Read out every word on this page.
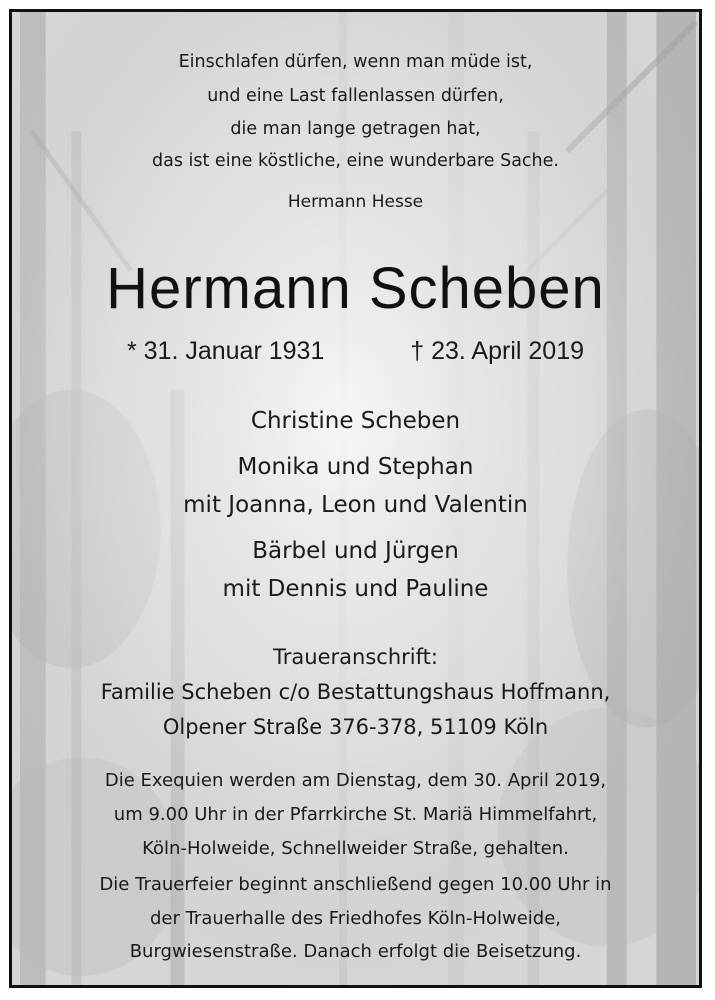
Einschlafen dürfen, wenn man müde ist,
und eine Last fallenlassen dürfen,
die man lange getragen hat,
das ist eine köstliche, eine wunderbare Sache.
Hermann Hesse
Hermann Scheben
* 31. Januar 1931	† 23. April 2019
Christine Scheben
Monika und Stephan
mit Joanna, Leon und Valentin
Bärbel und Jürgen
mit Dennis und Pauline
Traueranschrift:
Familie Scheben c/o Bestattungshaus Hoffmann,
Olpener Straße 376-378, 51109 Köln
Die Exequien werden am Dienstag, dem 30. April 2019,
um 9.00 Uhr in der Pfarrkirche St. Mariä Himmelfahrt,
Köln-Holweide, Schnellweider Straße, gehalten.
Die Trauerfeier beginnt anschließend gegen 10.00 Uhr in
der Trauerhalle des Friedhofes Köln-Holweide,
Burgwiesenstraße. Danach erfolgt die Beisetzung.
